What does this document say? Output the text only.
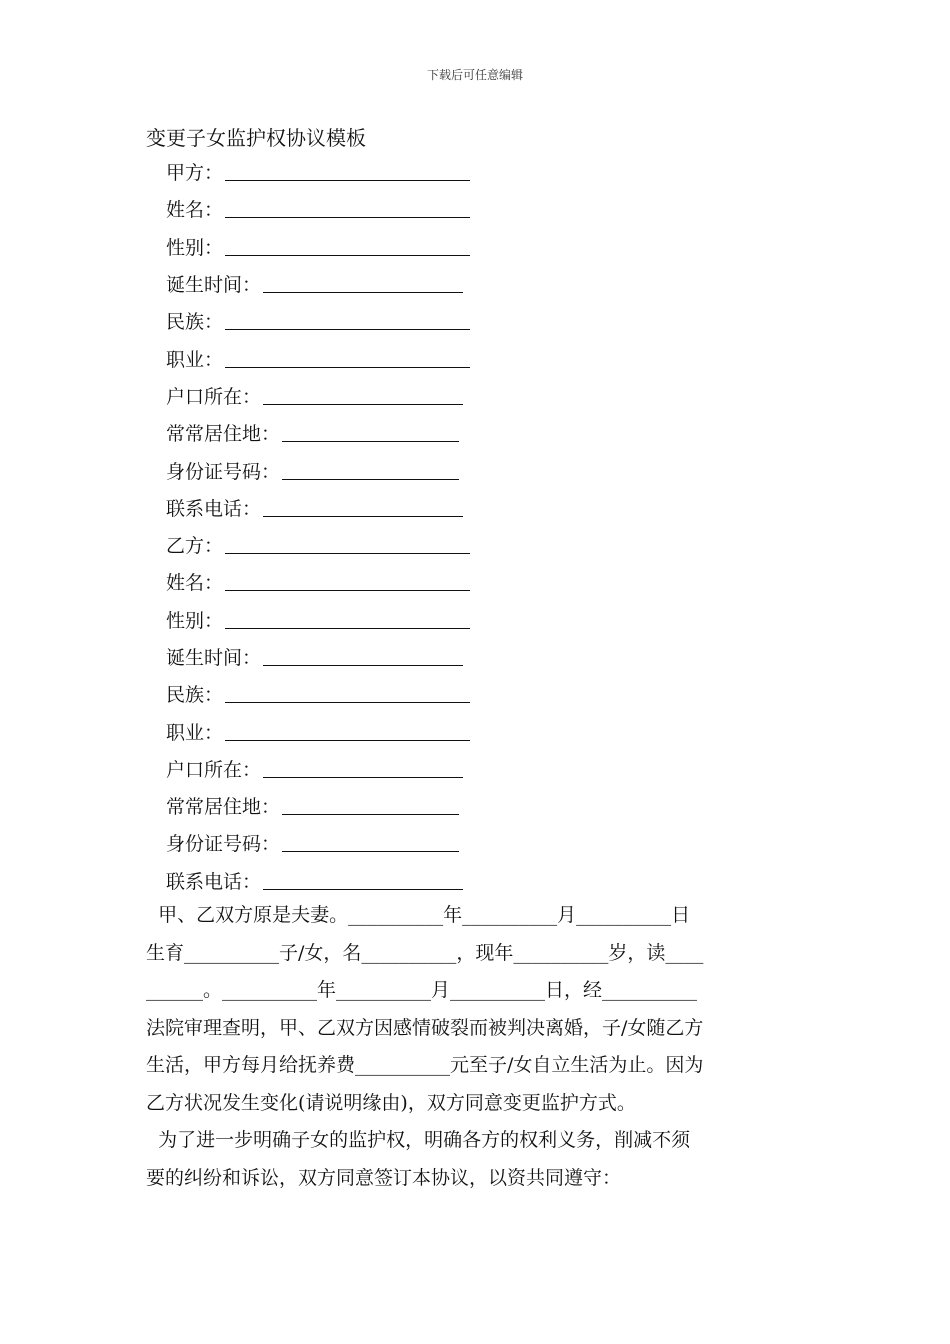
下载后可任意编辑
变更子女监护权协议模板
甲方：
姓名：
性别：
诞生时间：
民族：
职业：
户口所在：
常常居住地：
身份证号码：
联系电话：
乙方：
姓名：
性别：
诞生时间：
民族：
职业：
户口所在：
常常居住地：
身份证号码：
联系电话：
甲、乙双方原是夫妻。__________年__________月__________日
生育__________子/女，名__________，现年__________岁，读____
______。__________年__________月__________日，经__________
法院审理查明，甲、乙双方因感情破裂而被判决离婚，子/女随乙方
生活，甲方每月给抚养费__________元至子/女自立生活为止。因为
乙方状况发生变化(请说明缘由)，双方同意变更监护方式。
为了进一步明确子女的监护权，明确各方的权利义务，削减不须
要的纠纷和诉讼，双方同意签订本协议，以资共同遵守：
